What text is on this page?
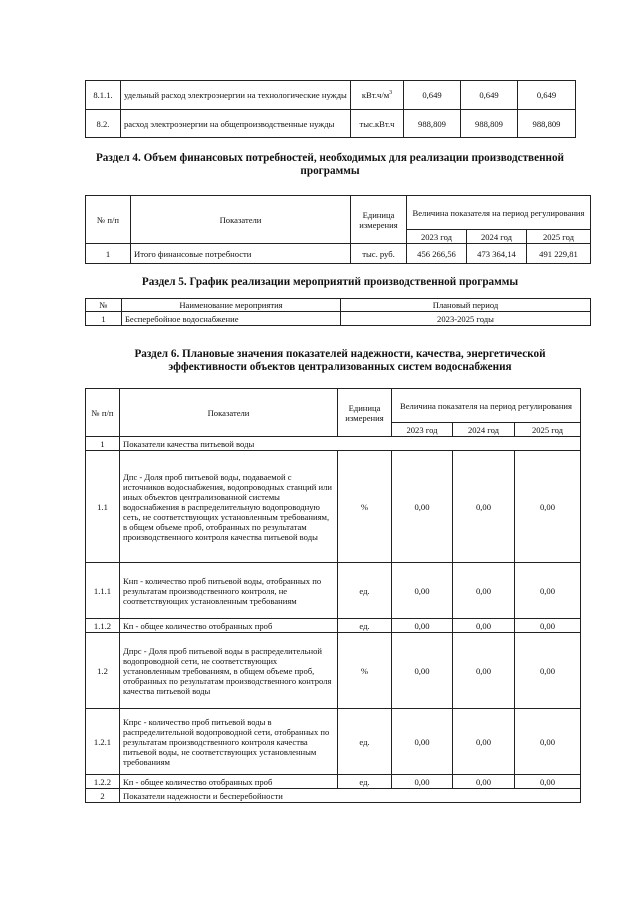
8.1.1.	удельный расход электроэнергии на технологические нужды	$кВт.ч/м^3$	0,649	0,649	0,649
8.2.	расход электроэнергии на общепроизводственные нужды	тыс.кВт.ч	988,809	988,809	988,809
Раздел 4. Объем финансовых потребностей, необходимых для реализации производственной программы
№ п/п	Показатели	Единица измерения	Величина показателя на период регулирования		
			2023 год	2024 год	2025 год
1	Итого финансовые потребности	тыс. руб.	456 266,56	473 364,14	491 229,81
Раздел 5. График реализации мероприятий производственной программы
№	Наименование мероприятия	Плановый период
1	Бесперебойное водоснабжение	2023-2025 годы
Раздел 6. Плановые значения показателей надежности, качества, энергетической эффективности объектов централизованных систем водоснабжения
№ п/п	Показатели	Единица измерения	Величина показателя на период регулирования		
			2023 год	2024 год	2025 год
1	Показатели качества питьевой воды				
1.1	Дпс - Доля проб питьевой воды, подаваемой с источников водоснабжения, водопроводных станций или иных объектов централизованной системы водоснабжения в распределительную водопроводную сеть, не соответствующих установленным требованиям, в общем объеме проб, отобранных по результатам производственного контроля качества питьевой воды	%	0,00	0,00	0,00
1.1.1	Кнп - количество проб питьевой воды, отобранных по результатам производственного контроля, не соответствующих установленным требованиям	ед.	0,00	0,00	0,00
1.1.2	Кп - общее количество отобранных проб	ед.	0,00	0,00	0,00
1.2	Дпрс - Доля проб питьевой воды в распределительной водопроводной сети, не соответствующих установленным требованиям, в общем объеме проб, отобранных по результатам производственного контроля качества питьевой воды	%	0,00	0,00	0,00
1.2.1	Кпрс - количество проб питьевой воды в распределительной водопроводной сети, отобранных по результатам производственного контроля качества питьевой воды, не соответствующих установленным требованиям	ед.	0,00	0,00	0,00
1.2.2	Кп - общее количество отобранных проб	ед.	0,00	0,00	0,00
2	Показатели надежности и бесперебойности				
